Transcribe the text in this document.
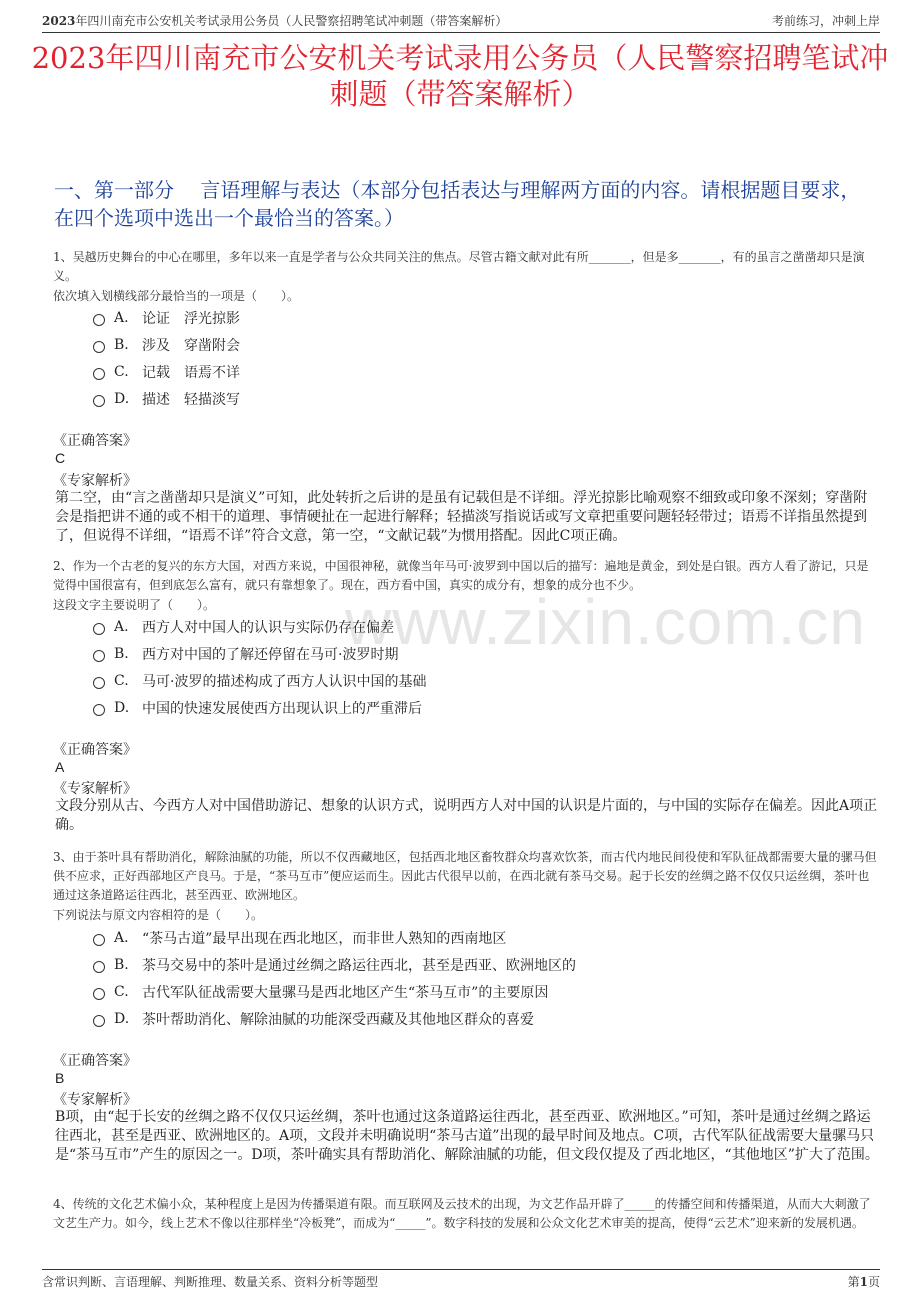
2023年四川南充市公安机关考试录用公务员（人民警察招聘笔试冲刺题（带答案解析）	考前练习，冲刺上岸
2023年四川南充市公安机关考试录用公务员（人民警察招聘笔试冲刺题（带答案解析）
一、第一部分　 言语理解与表达（本部分包括表达与理解两方面的内容。请根据题目要求，在四个选项中选出一个最恰当的答案。）
www.zixin.com.cn
1、吴越历史舞台的中心在哪里，多年以来一直是学者与公众共同关注的焦点。尽管古籍文献对此有所_______，但是多_______，有的虽言之凿凿却只是演义。
依次填入划横线部分最恰当的一项是（　　）。
A. 论证　浮光掠影
B. 涉及　穿凿附会
C. 记载　语焉不详
D. 描述　轻描淡写
《正确答案》
C
《专家解析》
第二空，由“言之凿凿却只是演义”可知，此处转折之后讲的是虽有记载但是不详细。浮光掠影比喻观察不细致或印象不深刻；穿凿附会是指把讲不通的或不相干的道理、事情硬扯在一起进行解释；轻描淡写指说话或写文章把重要问题轻轻带过；语焉不详指虽然提到了，但说得不详细，“语焉不详”符合文意，第一空，“文献记载”为惯用搭配。因此C项正确。
2、作为一个古老的复兴的东方大国，对西方来说，中国很神秘，就像当年马可·波罗到中国以后的描写：遍地是黄金，到处是白银。西方人看了游记，只是觉得中国很富有，但到底怎么富有，就只有靠想象了。现在，西方看中国，真实的成分有，想象的成分也不少。
这段文字主要说明了（　　）。
A. 西方人对中国人的认识与实际仍存在偏差
B. 西方对中国的了解还停留在马可·波罗时期
C. 马可·波罗的描述构成了西方人认识中国的基础
D. 中国的快速发展使西方出现认识上的严重滞后
《正确答案》
A
《专家解析》
文段分别从古、今西方人对中国借助游记、想象的认识方式，说明西方人对中国的认识是片面的，与中国的实际存在偏差。因此A项正确。
3、由于茶叶具有帮助消化，解除油腻的功能，所以不仅西藏地区，包括西北地区畜牧群众均喜欢饮茶，而古代内地民间役使和军队征战都需要大量的骡马但供不应求，正好西部地区产良马。于是，“茶马互市”便应运而生。因此古代很早以前，在西北就有茶马交易。起于长安的丝绸之路不仅仅只运丝绸，茶叶也通过这条道路运往西北，甚至西亚、欧洲地区。
下列说法与原文内容相符的是（　　）。
A. “茶马古道”最早出现在西北地区，而非世人熟知的西南地区
B. 茶马交易中的茶叶是通过丝绸之路运往西北，甚至是西亚、欧洲地区的
C. 古代军队征战需要大量骡马是西北地区产生“茶马互市”的主要原因
D. 茶叶帮助消化、解除油腻的功能深受西藏及其他地区群众的喜爱
《正确答案》
B
《专家解析》
B项，由“起于长安的丝绸之路不仅仅只运丝绸，茶叶也通过这条道路运往西北，甚至西亚、欧洲地区。”可知，茶叶是通过丝绸之路运往西北，甚至是西亚、欧洲地区的。A项，文段并未明确说明“茶马古道”出现的最早时间及地点。C项，古代军队征战需要大量骡马只是“茶马互市”产生的原因之一。D项，茶叶确实具有帮助消化、解除油腻的功能，但文段仅提及了西北地区，“其他地区”扩大了范围。
4、传统的文化艺术偏小众，某种程度上是因为传播渠道有限。而互联网及云技术的出现，为文艺作品开辟了_____的传播空间和传播渠道，从而大大刺激了文艺生产力。如今，线上艺术不像以往那样坐“冷板凳”，而成为“_____”。数字科技的发展和公众文化艺术审美的提高，使得“云艺术”迎来新的发展机遇。
含常识判断、言语理解、判断推理、数量关系、资料分析等题型	第1页
